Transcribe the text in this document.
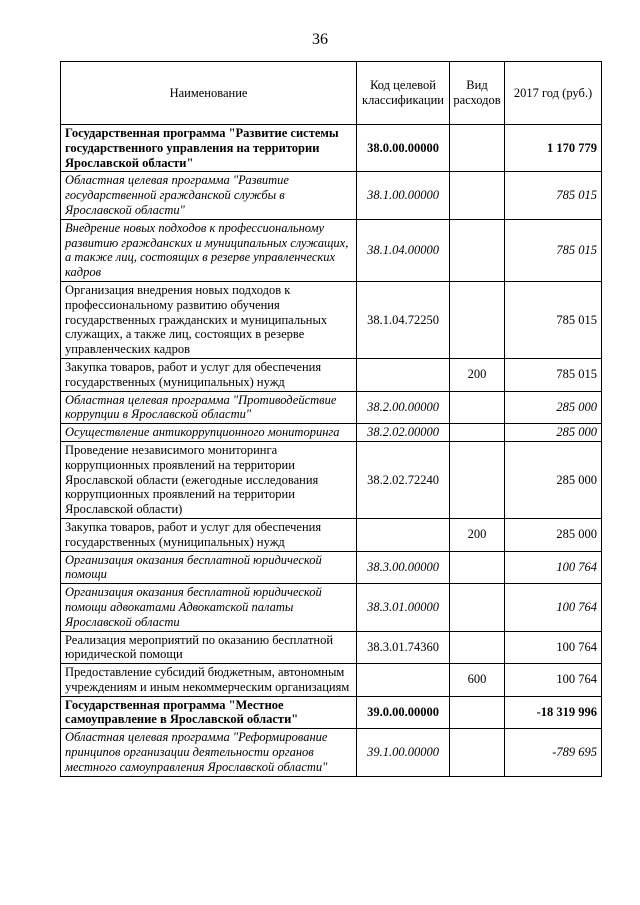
36
Наименование	Код целевой классификации	Вид расходов	2017 год (руб.)
Государственная программа "Развитие системы государственного управления на территории Ярославской области"	38.0.00.00000		1 170 779
Областная целевая программа "Развитие государственной гражданской службы в Ярославской области"	38.1.00.00000		785 015
Внедрение новых подходов к профессиональному развитию гражданских и муниципальных служащих, а также лиц, состоящих в резерве управленческих кадров	38.1.04.00000		785 015
Организация внедрения новых подходов к профессиональному развитию обучения государственных гражданских и муниципальных служащих, а также лиц, состоящих в резерве управленческих кадров	38.1.04.72250		785 015
Закупка товаров, работ и услуг для обеспечения государственных (муниципальных) нужд		200	785 015
Областная целевая программа "Противодействие коррупции в Ярославской области"	38.2.00.00000		285 000
Осуществление антикоррупционного мониторинга	38.2.02.00000		285 000
Проведение независимого мониторинга коррупционных проявлений на территории Ярославской области (ежегодные исследования коррупционных проявлений на территории Ярославской области)	38.2.02.72240		285 000
Закупка товаров, работ и услуг для обеспечения государственных (муниципальных) нужд		200	285 000
Организация оказания бесплатной юридической помощи	38.3.00.00000		100 764
Организация оказания бесплатной юридической помощи адвокатами Адвокатской палаты Ярославской области	38.3.01.00000		100 764
Реализация мероприятий по оказанию бесплатной юридической помощи	38.3.01.74360		100 764
Предоставление субсидий бюджетным, автономным учреждениям и иным некоммерческим организациям		600	100 764
Государственная программа "Местное самоуправление в Ярославской области"	39.0.00.00000		-18 319 996
Областная целевая программа "Реформирование принципов организации деятельности органов местного самоуправления Ярославской области"	39.1.00.00000		-789 695
